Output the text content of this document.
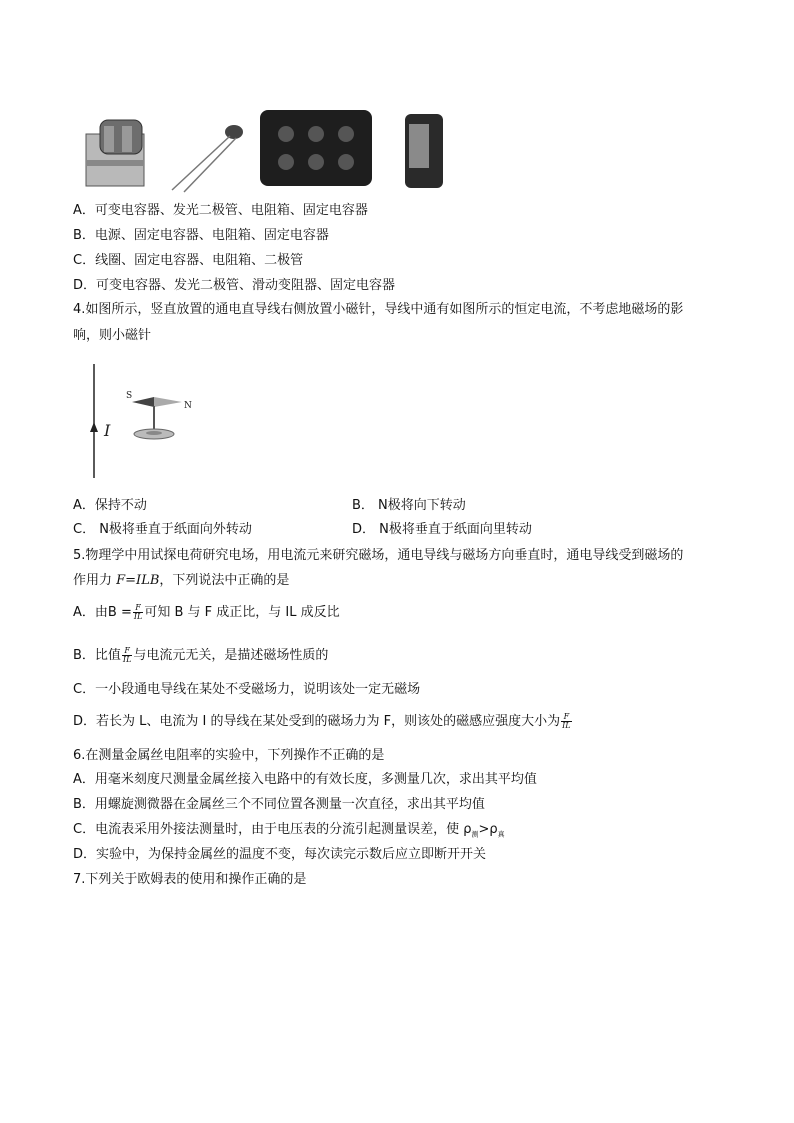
A．可变电容器、发光二极管、电阻箱、固定电容器
B．电源、固定电容器、电阻箱、固定电容器
C．线圈、固定电容器、电阻箱、二极管
D．可变电容器、发光二极管、滑动变阻器、固定电容器
4.如图所示，竖直放置的通电直导线右侧放置小磁针，导线中通有如图所示的恒定电流，不考虑地磁场的影
响，则小磁针
I
S
N
A．保持不动	B． N极将向下转动
C． N极将垂直于纸面向外转动	D． N极将垂直于纸面向里转动
5.物理学中用试探电荷研究电场，用电流元来研究磁场，通电导线与磁场方向垂直时，通电导线受到磁场的
作用力 F=ILB，下列说法中正确的是
A．由$B = \frac{F}{IL}$ 可知 B 与 F 成正比，与 IL 成反比
B．比值 $\frac{F}{IL}$ 与电流元无关，是描述磁场性质的
C．一小段通电导线在某处不受磁场力，说明该处一定无磁场
D．若长为 L、电流为 I 的导线在某处受到的磁场力为 F，则该处的磁感应强度大小为 $\frac{F}{IL}$
6.在测量金属丝电阻率的实验中，下列操作不正确的是
A．用毫米刻度尺测量金属丝接入电路中的有效长度，多测量几次，求出其平均值
B．用螺旋测微器在金属丝三个不同位置各测量一次直径，求出其平均值
C．电流表采用外接法测量时，由于电压表的分流引起测量误差，使 $\rho_测>\rho_真$
D．实验中，为保持金属丝的温度不变，每次读完示数后应立即断开开关
7.下列关于欧姆表的使用和操作正确的是
